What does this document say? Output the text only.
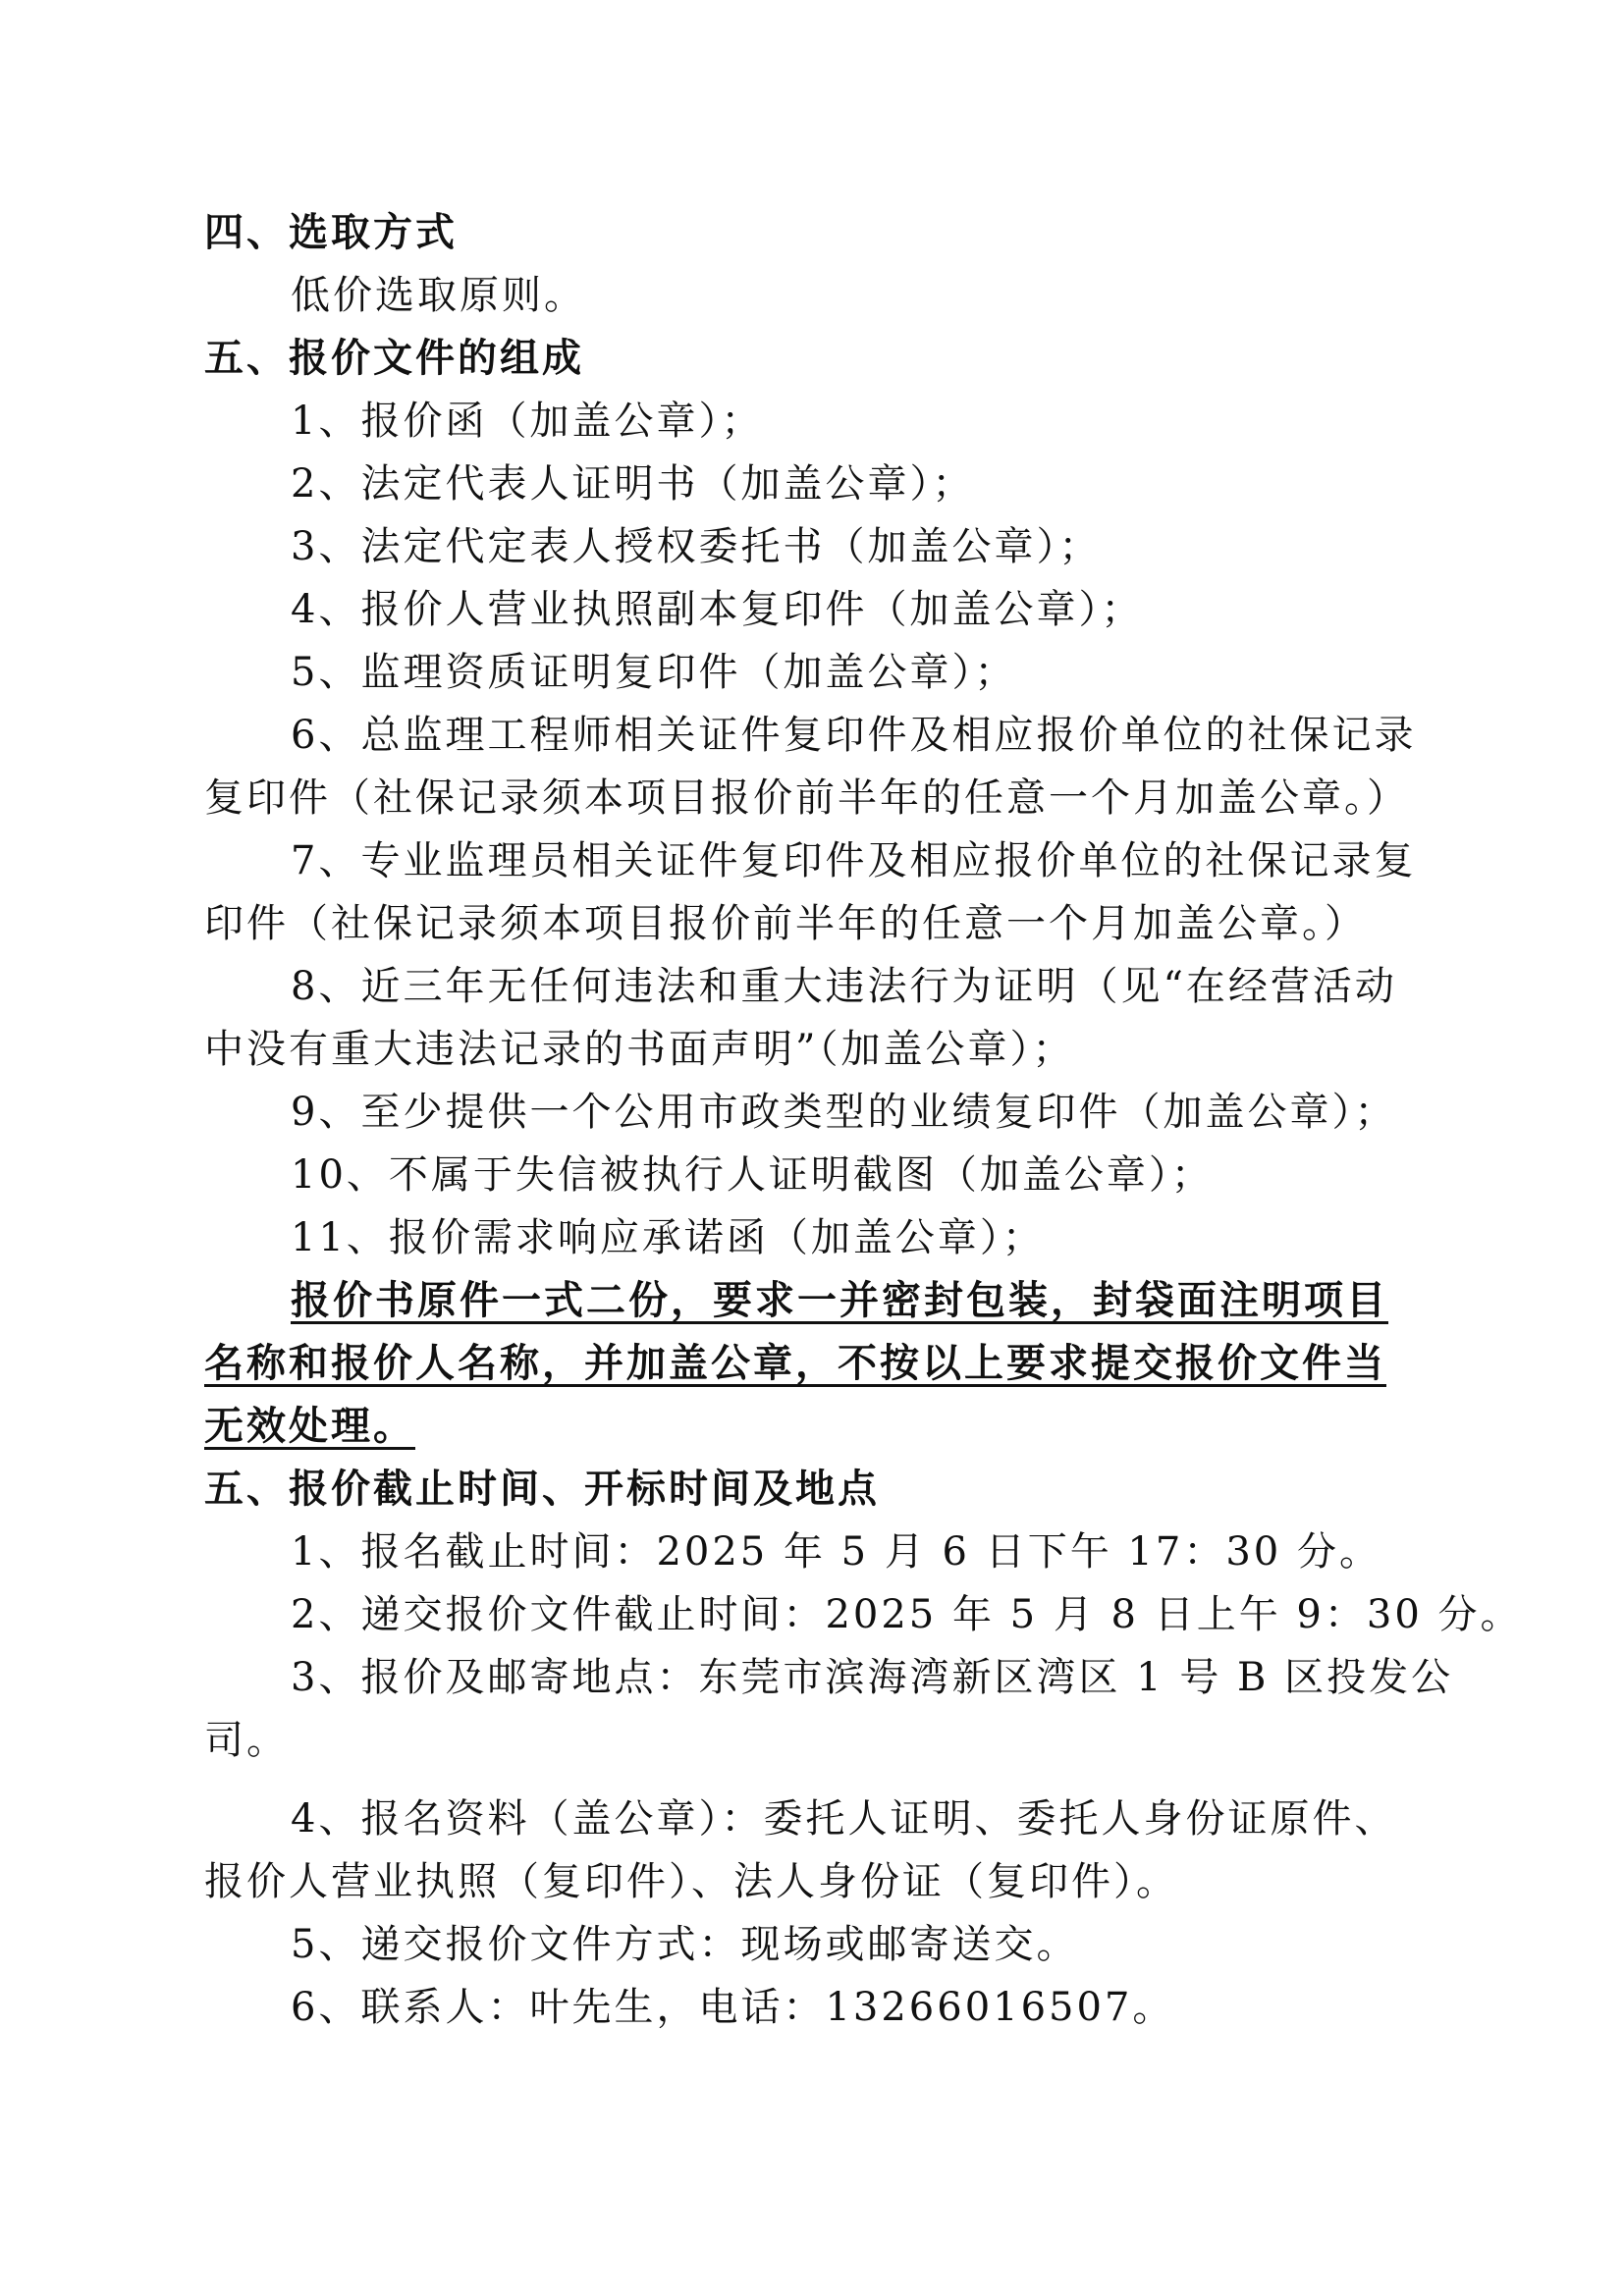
四、选取方式
低价选取原则。
五、报价文件的组成
1、报价函（加盖公章）；
2、法定代表人证明书（加盖公章）；
3、法定代定表人授权委托书（加盖公章）；
4、报价人营业执照副本复印件（加盖公章）；
5、监理资质证明复印件（加盖公章）；
6、总监理工程师相关证件复印件及相应报价单位的社保记录
复印件（社保记录须本项目报价前半年的任意一个月加盖公章。）
7、专业监理员相关证件复印件及相应报价单位的社保记录复
印件（社保记录须本项目报价前半年的任意一个月加盖公章。）
8、近三年无任何违法和重大违法行为证明（见“在经营活动
中没有重大违法记录的书面声明”（加盖公章）；
9、至少提供一个公用市政类型的业绩复印件（加盖公章）；
10、不属于失信被执行人证明截图（加盖公章）；
11、报价需求响应承诺函（加盖公章）；
报价书原件一式二份，要求一并密封包装，封袋面注明项目
名称和报价人名称，并加盖公章，不按以上要求提交报价文件当
无效处理。
五、报价截止时间、开标时间及地点
1、报名截止时间：2025 年 5 月 6 日下午 17：30 分。
2、递交报价文件截止时间：2025 年 5 月 8 日上午 9：30 分。
3、报价及邮寄地点：东莞市滨海湾新区湾区 1 号 B 区投发公
司。
4、报名资料（盖公章）：委托人证明、委托人身份证原件、
报价人营业执照（复印件）、法人身份证（复印件）。
5、递交报价文件方式：现场或邮寄送交。
6、联系人：叶先生，电话：13266016507。
